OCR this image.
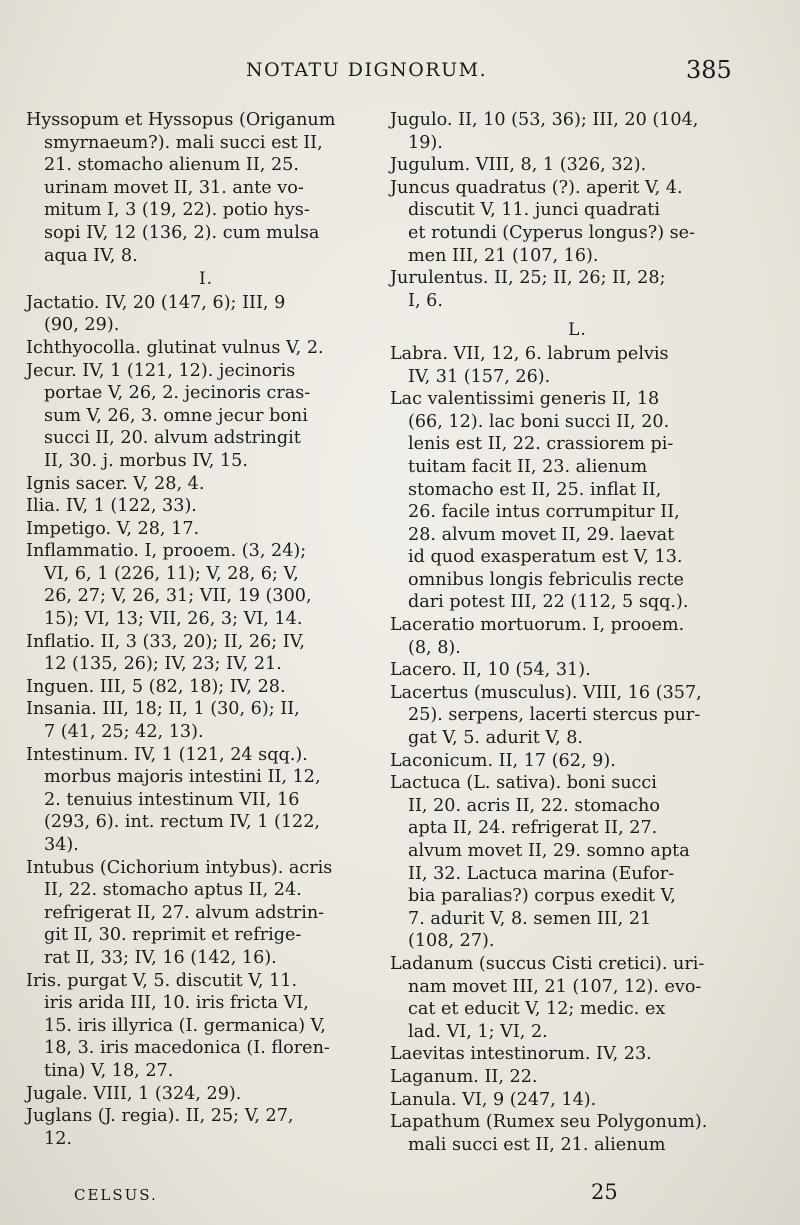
NOTATU DIGNORUM.	385

Hyssopum et Hyssopus (Origanum
smyrnaeum?). mali succi est II,
21. stomacho alienum II, 25.
urinam movet II, 31. ante vo-
mitum I, 3 (19, 22). potio hys-
sopi IV, 12 (136, 2). cum mulsa
aqua IV, 8.

I.

Jactatio. IV, 20 (147, 6); III, 9
(90, 29).

Ichthyocolla. glutinat vulnus V, 2.

Jecur. IV, 1 (121, 12). jecinoris
portae V, 26, 2. jecinoris cras-
sum V, 26, 3. omne jecur boni
succi II, 20. alvum adstringit
II, 30. j. morbus IV, 15.

Ignis sacer. V, 28, 4.

Ilia. IV, 1 (122, 33).

Impetigo. V, 28, 17.

Inflammatio. I, prooem. (3, 24);
VI, 6, 1 (226, 11); V, 28, 6; V,
26, 27; V, 26, 31; VII, 19 (300,
15); VI, 13; VII, 26, 3; VI, 14.

Inflatio. II, 3 (33, 20); II, 26; IV,
12 (135, 26); IV, 23; IV, 21.

Inguen. III, 5 (82, 18); IV, 28.

Insania. III, 18; II, 1 (30, 6); II,
7 (41, 25; 42, 13).

Intestinum. IV, 1 (121, 24 sqq.).
morbus majoris intestini II, 12,
2. tenuius intestinum VII, 16
(293, 6). int. rectum IV, 1 (122,
34).

Intubus (Cichorium intybus). acris
II, 22. stomacho aptus II, 24.
refrigerat II, 27. alvum adstrin-
git II, 30. reprimit et refrige-
rat II, 33; IV, 16 (142, 16).

Iris. purgat V, 5. discutit V, 11.
iris arida III, 10. iris fricta VI,
15. iris illyrica (I. germanica) V,
18, 3. iris macedonica (I. floren-
tina) V, 18, 27.

Jugale. VIII, 1 (324, 29).

Juglans (J. regia). II, 25; V, 27,
12.

Jugulo. II, 10 (53, 36); III, 20 (104,
19).

Jugulum. VIII, 8, 1 (326, 32).

Juncus quadratus (?). aperit V, 4.
discutit V, 11. junci quadrati
et rotundi (Cyperus longus?) se-
men III, 21 (107, 16).

Jurulentus. II, 25; II, 26; II, 28;
I, 6.

L.

Labra. VII, 12, 6. labrum pelvis
IV, 31 (157, 26).

Lac valentissimi generis II, 18
(66, 12). lac boni succi II, 20.
lenis est II, 22. crassiorem pi-
tuitam facit II, 23. alienum
stomacho est II, 25. inflat II,
26. facile intus corrumpitur II,
28. alvum movet II, 29. laevat
id quod exasperatum est V, 13.
omnibus longis febriculis recte
dari potest III, 22 (112, 5 sqq.).

Laceratio mortuorum. I, prooem.
(8, 8).

Lacero. II, 10 (54, 31).

Lacertus (musculus). VIII, 16 (357,
25). serpens, lacerti stercus pur-
gat V, 5. adurit V, 8.

Laconicum. II, 17 (62, 9).

Lactuca (L. sativa). boni succi
II, 20. acris II, 22. stomacho
apta II, 24. refrigerat II, 27.
alvum movet II, 29. somno apta
II, 32. Lactuca marina (Eufor-
bia paralias?) corpus exedit V,
7. adurit V, 8. semen III, 21
(108, 27).

Ladanum (succus Cisti cretici). uri-
nam movet III, 21 (107, 12). evo-
cat et educit V, 12; medic. ex
lad. VI, 1; VI, 2.

Laevitas intestinorum. IV, 23.

Laganum. II, 22.

Lanula. VI, 9 (247, 14).

Lapathum (Rumex seu Polygonum).
mali succi est II, 21. alienum

CELSUS.	25
